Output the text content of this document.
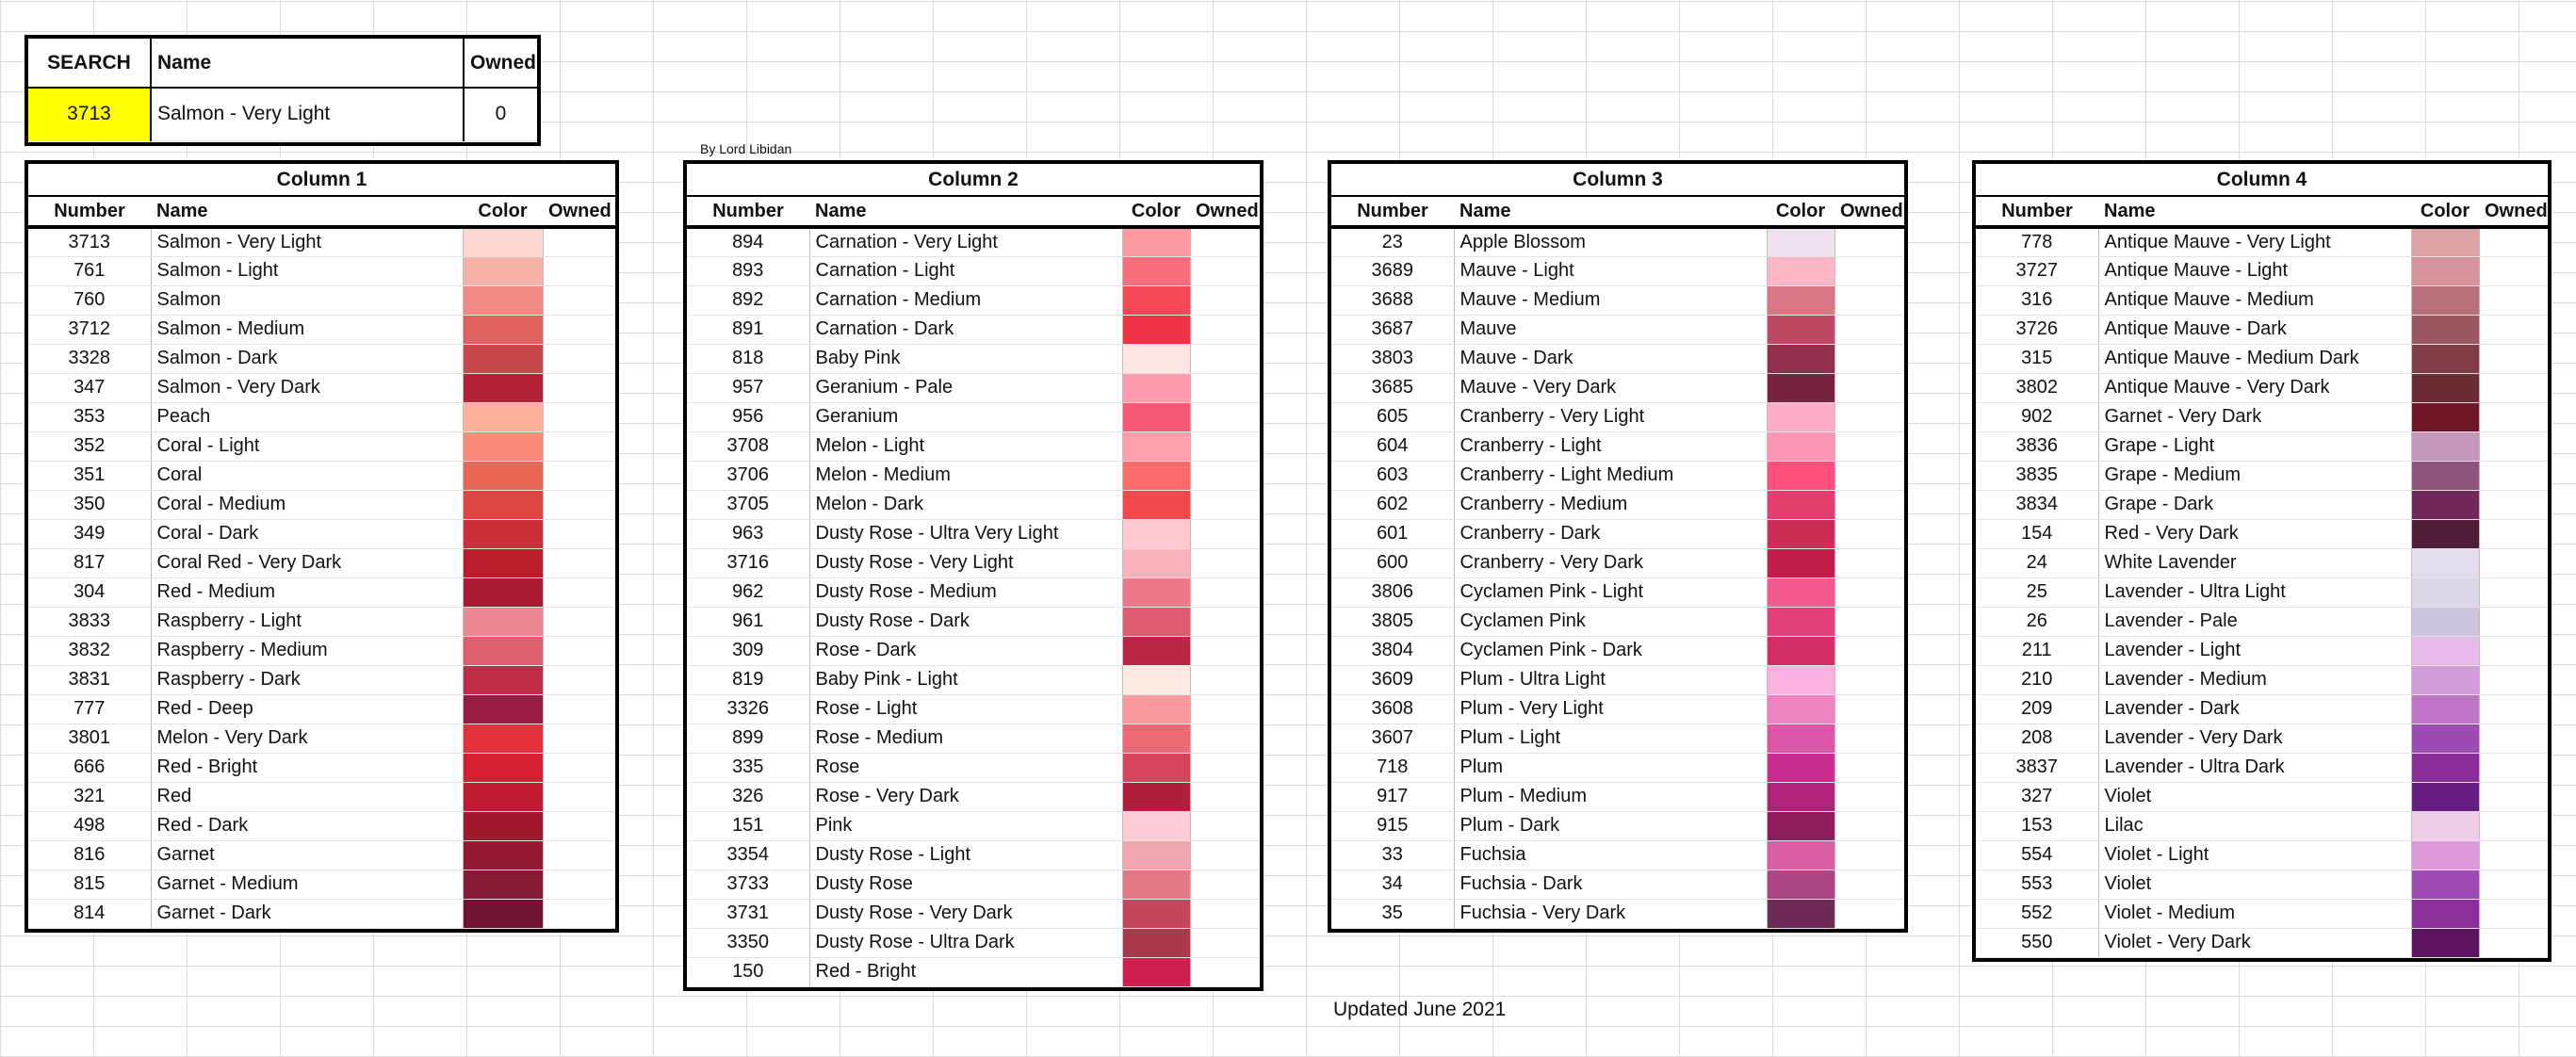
SEARCH	Name	Owned
3713	Salmon - Very Light	0
By Lord Libidan
Column 1			
Number	Name	Color	Owned
3713	Salmon - Very Light		
761	Salmon - Light		
760	Salmon		
3712	Salmon - Medium		
3328	Salmon - Dark		
347	Salmon - Very Dark		
353	Peach		
352	Coral - Light		
351	Coral		
350	Coral - Medium		
349	Coral - Dark		
817	Coral Red - Very Dark		
304	Red - Medium		
3833	Raspberry - Light		
3832	Raspberry - Medium		
3831	Raspberry - Dark		
777	Red - Deep		
3801	Melon - Very Dark		
666	Red - Bright		
321	Red		
498	Red - Dark		
816	Garnet		
815	Garnet - Medium		
814	Garnet - Dark		
Column 2			
Number	Name	Color	Owned
894	Carnation - Very Light		
893	Carnation - Light		
892	Carnation - Medium		
891	Carnation - Dark		
818	Baby Pink		
957	Geranium - Pale		
956	Geranium		
3708	Melon - Light		
3706	Melon - Medium		
3705	Melon - Dark		
963	Dusty Rose - Ultra Very Light		
3716	Dusty Rose - Very Light		
962	Dusty Rose - Medium		
961	Dusty Rose - Dark		
309	Rose - Dark		
819	Baby Pink - Light		
3326	Rose - Light		
899	Rose - Medium		
335	Rose		
326	Rose - Very Dark		
151	Pink		
3354	Dusty Rose - Light		
3733	Dusty Rose		
3731	Dusty Rose - Very Dark		
3350	Dusty Rose - Ultra Dark		
150	Red - Bright		
Column 3			
Number	Name	Color	Owned
23	Apple Blossom		
3689	Mauve - Light		
3688	Mauve - Medium		
3687	Mauve		
3803	Mauve - Dark		
3685	Mauve - Very Dark		
605	Cranberry - Very Light		
604	Cranberry - Light		
603	Cranberry - Light Medium		
602	Cranberry - Medium		
601	Cranberry - Dark		
600	Cranberry - Very Dark		
3806	Cyclamen Pink - Light		
3805	Cyclamen Pink		
3804	Cyclamen Pink - Dark		
3609	Plum - Ultra Light		
3608	Plum - Very Light		
3607	Plum - Light		
718	Plum		
917	Plum - Medium		
915	Plum - Dark		
33	Fuchsia		
34	Fuchsia - Dark		
35	Fuchsia - Very Dark		
Column 4			
Number	Name	Color	Owned
778	Antique Mauve - Very Light		
3727	Antique Mauve - Light		
316	Antique Mauve - Medium		
3726	Antique Mauve - Dark		
315	Antique Mauve - Medium Dark		
3802	Antique Mauve - Very Dark		
902	Garnet - Very Dark		
3836	Grape - Light		
3835	Grape - Medium		
3834	Grape - Dark		
154	Red - Very Dark		
24	White Lavender		
25	Lavender - Ultra Light		
26	Lavender - Pale		
211	Lavender - Light		
210	Lavender - Medium		
209	Lavender - Dark		
208	Lavender - Very Dark		
3837	Lavender - Ultra Dark		
327	Violet		
153	Lilac		
554	Violet - Light		
553	Violet		
552	Violet - Medium		
550	Violet - Very Dark		
Updated June 2021
